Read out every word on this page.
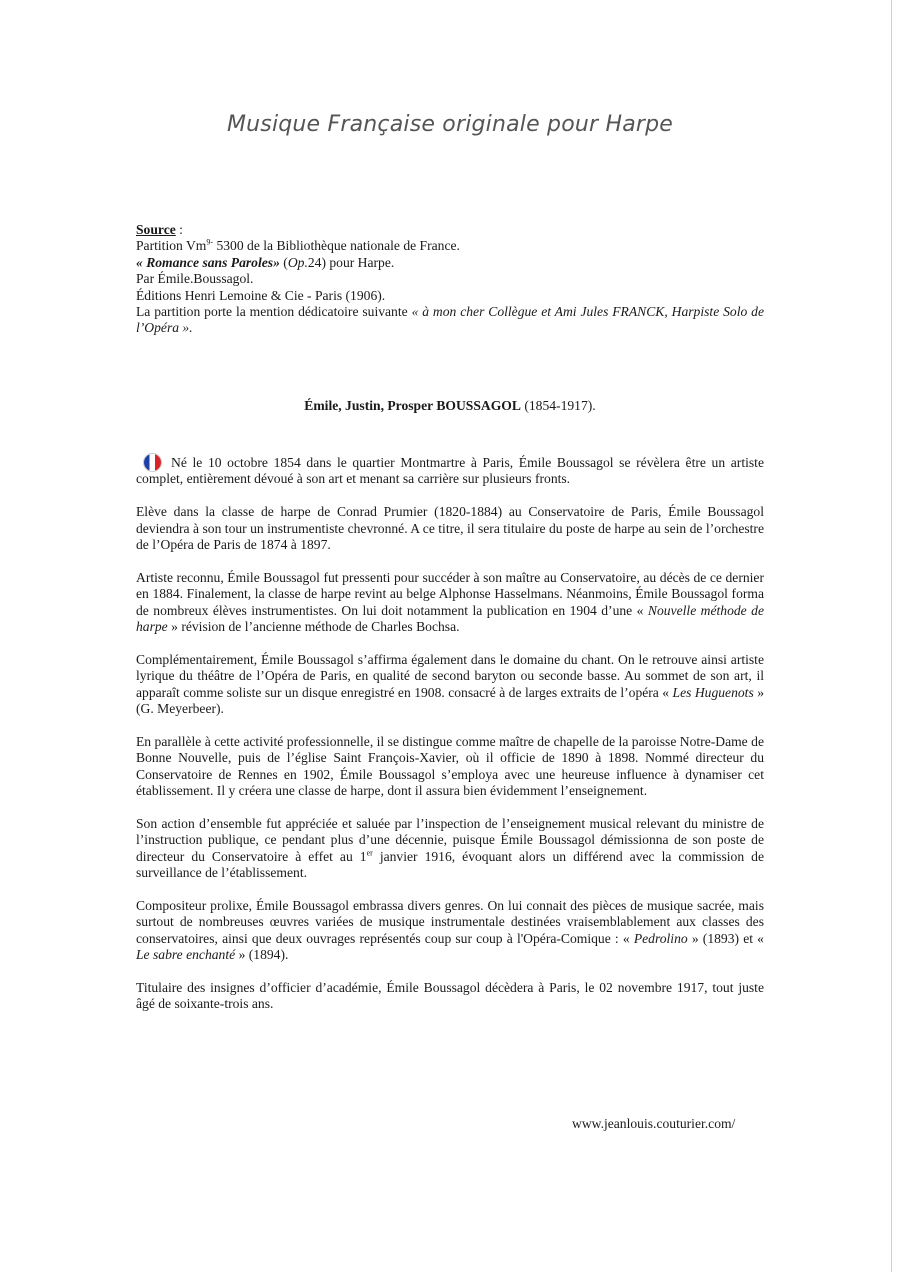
Musique Française originale pour Harpe
Source :
Partition $Vm^{9-}$ 5300 de la Bibliothèque nationale de France.
« Romance sans Paroles» (Op.24) pour Harpe.
Par Émile.Boussagol.
Éditions Henri Lemoine & Cie - Paris (1906).
La partition porte la mention dédicatoire suivante « à mon cher Collègue et Ami Jules FRANCK, Harpiste Solo de l’Opéra ».
Émile, Justin, Prosper BOUSSAGOL (1854-1917).

Né le 10 octobre 1854 dans le quartier Montmartre à Paris, Émile Boussagol se révèlera être un artiste complet, entièrement dévoué à son art et menant sa carrière sur plusieurs fronts.

Elève dans la classe de harpe de Conrad Prumier (1820-1884) au Conservatoire de Paris, Émile Boussagol deviendra à son tour un instrumentiste chevronné. A ce titre, il sera titulaire du poste de harpe au sein de l’orchestre de l’Opéra de Paris de 1874 à 1897.

Artiste reconnu, Émile Boussagol fut pressenti pour succéder à son maître au Conservatoire, au décès de ce dernier en 1884. Finalement, la classe de harpe revint au belge Alphonse Hasselmans. Néanmoins, Émile Boussagol forma de nombreux élèves instrumentistes. On lui doit notamment la publication en 1904 d’une « Nouvelle méthode de harpe » révision de l’ancienne méthode de Charles Bochsa.

Complémentairement, Émile Boussagol s’affirma également dans le domaine du chant. On le retrouve ainsi artiste lyrique du théâtre de l’Opéra de Paris, en qualité de second baryton ou seconde basse. Au sommet de son art, il apparaît comme soliste sur un disque enregistré en 1908. consacré à de larges extraits de l’opéra « Les Huguenots » (G. Meyerbeer).

En parallèle à cette activité professionnelle, il se distingue comme maître de chapelle de la paroisse Notre-Dame de Bonne Nouvelle, puis de l’église Saint François-Xavier, où il officie de 1890 à 1898. Nommé directeur du Conservatoire de Rennes en 1902, Émile Boussagol s’employa avec une heureuse influence à dynamiser cet établissement. Il y créera une classe de harpe, dont il assura bien évidemment l’enseignement.

Son action d’ensemble fut appréciée et saluée par l’inspection de l’enseignement musical relevant du ministre de l’instruction publique, ce pendant plus d’une décennie, puisque Émile Boussagol démissionna de son poste de directeur du Conservatoire à effet au 1er janvier 1916, évoquant alors un différend avec la commission de surveillance de l’établissement.

Compositeur prolixe, Émile Boussagol embrassa divers genres. On lui connait des pièces de musique sacrée, mais surtout de nombreuses œuvres variées de musique instrumentale destinées vraisemblablement aux classes des conservatoires, ainsi que deux ouvrages représentés coup sur coup à l'Opéra-Comique : « Pedrolino » (1893) et « Le sabre enchanté » (1894).

Titulaire des insignes d’officier d’académie, Émile Boussagol décèdera à Paris, le 02 novembre 1917, tout juste âgé de soixante-trois ans.

www.jeanlouis.couturier.com/
